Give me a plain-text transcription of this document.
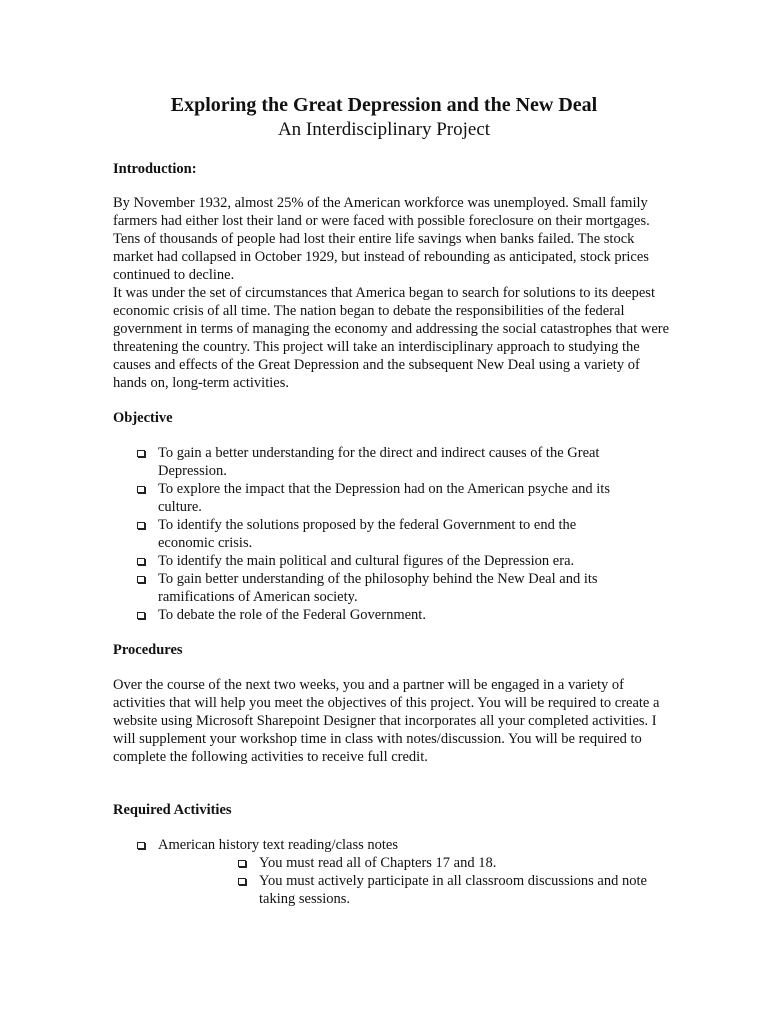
Exploring the Great Depression and the New Deal
An Interdisciplinary Project
Introduction:

By November 1932, almost 25% of the American workforce was unemployed. Small family farmers had either lost their land or were faced with possible foreclosure on their mortgages. Tens of thousands of people had lost their entire life savings when banks failed. The stock market had collapsed in October 1929, but instead of rebounding as anticipated, stock prices continued to decline.

It was under the set of circumstances that America began to search for solutions to its deepest economic crisis of all time. The nation began to debate the responsibilities of the federal government in terms of managing the economy and addressing the social catastrophes that were threatening the country. This project will take an interdisciplinary approach to studying the causes and effects of the Great Depression and the subsequent New Deal using a variety of hands on, long-term activities.

Objective
To gain a better understanding for the direct and indirect causes of the Great Depression.
To explore the impact that the Depression had on the American psyche and its culture.
To identify the solutions proposed by the federal Government to end the economic crisis.
To identify the main political and cultural figures of the Depression era.
To gain better understanding of the philosophy behind the New Deal and its ramifications of American society.
To debate the role of the Federal Government.
Procedures

Over the course of the next two weeks, you and a partner will be engaged in a variety of activities that will help you meet the objectives of this project. You will be required to create a website using Microsoft Sharepoint Designer that incorporates all your completed activities. I will supplement your workshop time in class with notes/discussion. You will be required to complete the following activities to receive full credit.

Required Activities
American history text reading/class notes
You must read all of Chapters 17 and 18.
You must actively participate in all classroom discussions and note taking sessions.
